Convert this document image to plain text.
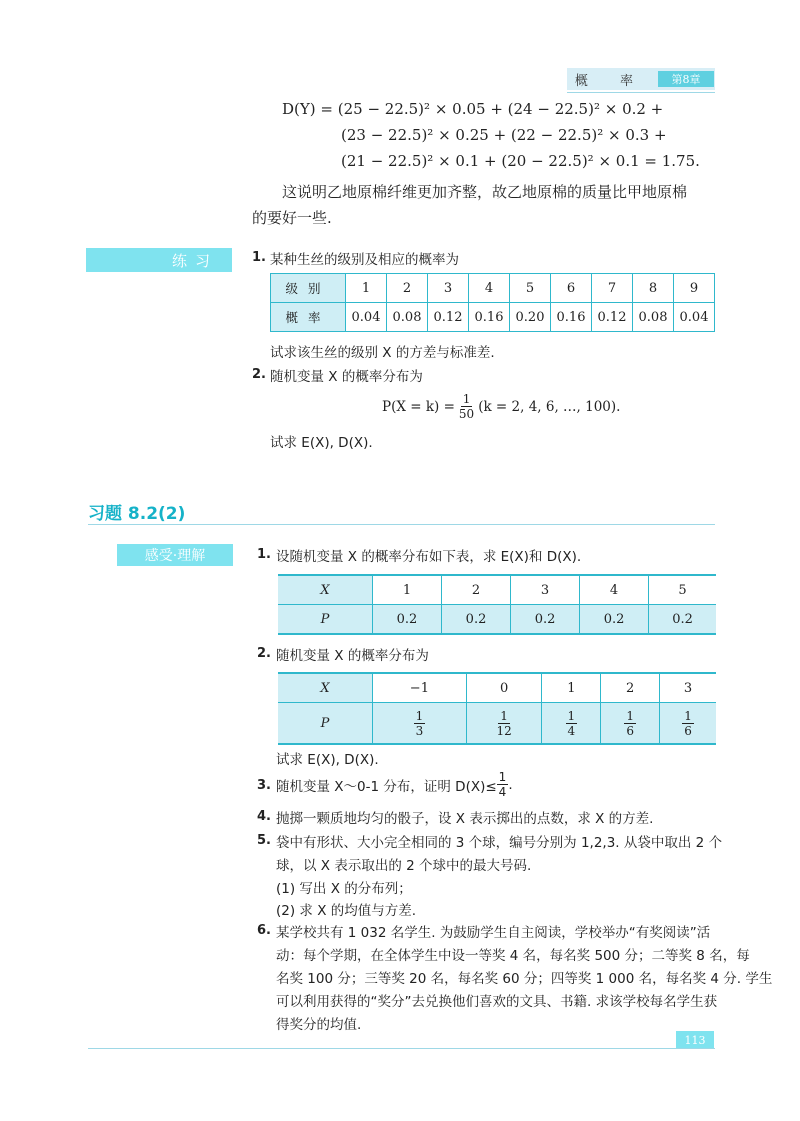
概 率	第8章
D(Y) = (25 − 22.5)² × 0.05 + (24 − 22.5)² × 0.2 +
(23 − 22.5)² × 0.25 + (22 − 22.5)² × 0.3 +
(21 − 22.5)² × 0.1 + (20 − 22.5)² × 0.1 = 1.75.
这说明乙地原棉纤维更加齐整，故乙地原棉的质量比甲地原棉
的要好一些.
练习	1. 某种生丝的级别及相应的概率为
级别	1	2	3	4	5	6	7	8	9
概率	0.04	0.08	0.12	0.16	0.20	0.16	0.12	0.08	0.04
试求该生丝的级别 X 的方差与标准差.
2. 随机变量 X 的概率分布为
$P(X = k) = \frac{1}{50} (k = 2$, 4, 6, …, 100).
试求 E(X), D(X).
习题 8.2(2)
感受·理解	1. 设随机变量 X 的概率分布如下表，求 E(X)和 D(X).
X	1	2	3	4	5
P	0.2	0.2	0.2	0.2	0.2
2. 随机变量 X 的概率分布为
X	−1	0	1	2	3
P	$\frac{1}{3}$	$\frac{1}{12}$	$\frac{1}{4}$	$\frac{1}{6}$	$\frac{1}{6}$
试求 E(X), D(X).
3. 随机变量 X～0-1 分布，证明 $D(X)\le \frac{1}{4}$ .
4. 抛掷一颗质地均匀的骰子，设 X 表示掷出的点数，求 X 的方差.
5. 袋中有形状、大小完全相同的 3 个球，编号分别为 1,2,3. 从袋中取出 2 个
球，以 X 表示取出的 2 个球中的最大号码.
(1) 写出 X 的分布列；
(2) 求 X 的均值与方差.
6. 某学校共有 1 032 名学生. 为鼓励学生自主阅读，学校举办“有奖阅读”活
动：每个学期，在全体学生中设一等奖 4 名，每名奖 500 分；二等奖 8 名，每
名奖 100 分；三等奖 20 名，每名奖 60 分；四等奖 1 000 名，每名奖 4 分. 学生
可以利用获得的“奖分”去兑换他们喜欢的文具、书籍. 求该学校每名学生获
得奖分的均值.
113
